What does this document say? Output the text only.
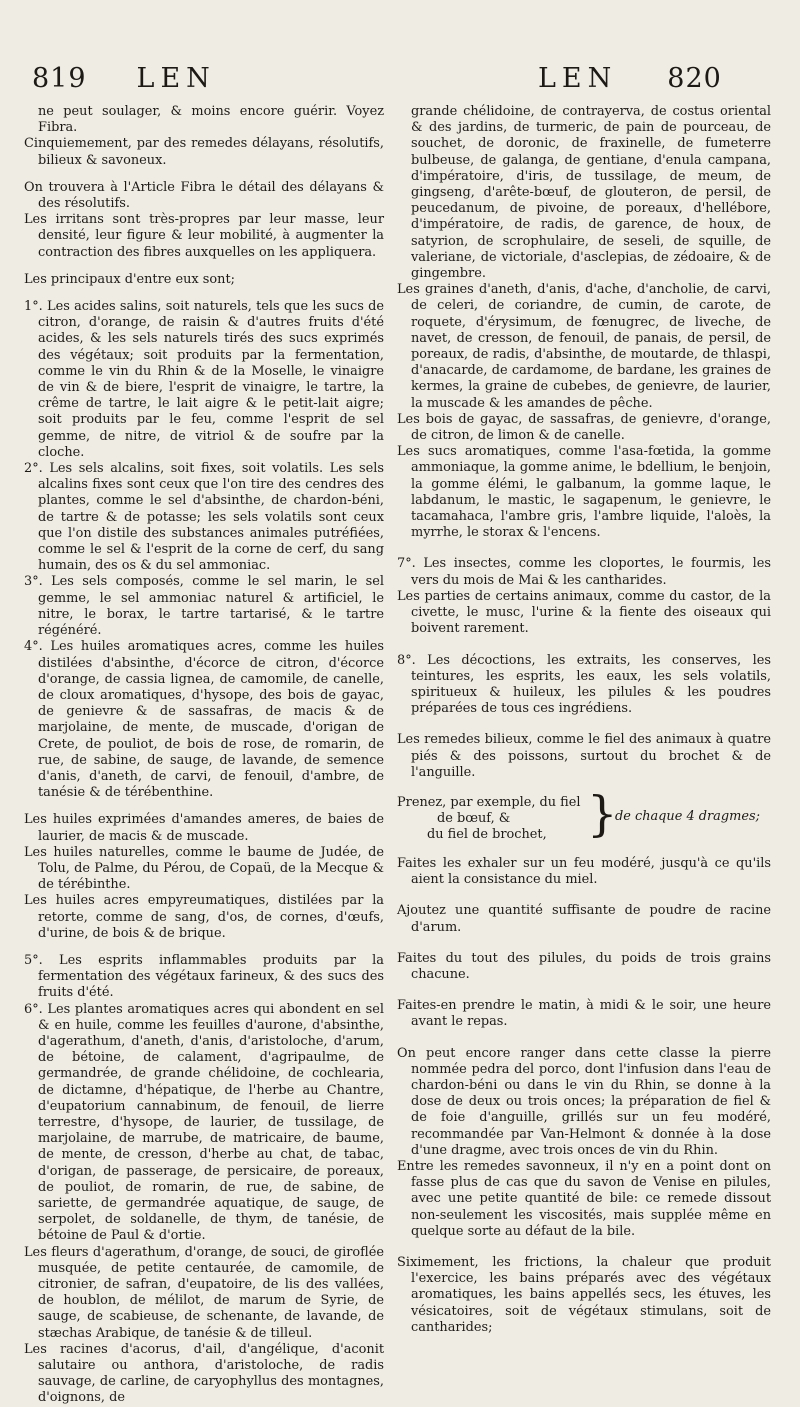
819 LEN	LEN 820

ne peut soulager, & moins encore guérir. Voyez Fibra.

Cinquiemement, par des remedes délayans, résolutifs, bilieux & savoneux.

On trouvera à l'Article Fibra le détail des délayans & des résolutifs.

Les irritans sont très-propres par leur masse, leur densité, leur figure & leur mobilité, à augmenter la contraction des fibres auxquelles on les appliquera.

Les principaux d'entre eux sont;

1°. Les acides salins, soit naturels, tels que les sucs de citron, d'orange, de raisin & d'autres fruits d'été acides, & les sels naturels tirés des sucs exprimés des végétaux; soit produits par la fermentation, comme le vin du Rhin & de la Moselle, le vinaigre de vin & de biere, l'esprit de vinaigre, le tartre, la crême de tartre, le lait aigre & le petit-lait aigre; soit produits par le feu, comme l'esprit de sel gemme, de nitre, de vitriol & de soufre par la cloche.

2°. Les sels alcalins, soit fixes, soit volatils. Les sels alcalins fixes sont ceux que l'on tire des cendres des plantes, comme le sel d'absinthe, de chardon-béni, de tartre & de potasse; les sels volatils sont ceux que l'on distile des substances animales putréfiées, comme le sel & l'esprit de la corne de cerf, du sang humain, des os & du sel ammoniac.

3°. Les sels composés, comme le sel marin, le sel gemme, le sel ammoniac naturel & artificiel, le nitre, le borax, le tartre tartarisé, & le tartre régénéré.

4°. Les huiles aromatiques acres, comme les huiles distilées d'absinthe, d'écorce de citron, d'écorce d'orange, de cassia lignea, de camomile, de canelle, de cloux aromatiques, d'hysope, des bois de gayac, de genievre & de sassafras, de macis & de marjolaine, de mente, de muscade, d'origan de Crete, de pouliot, de bois de rose, de romarin, de rue, de sabine, de sauge, de lavande, de semence d'anis, d'aneth, de carvi, de fenouil, d'ambre, de tanésie & de térébenthine.

Les huiles exprimées d'amandes ameres, de baies de laurier, de macis & de muscade.

Les huiles naturelles, comme le baume de Judée, de Tolu, de Palme, du Pérou, de Copaü, de la Mecque & de térébinthe.

Les huiles acres empyreumatiques, distilées par la retorte, comme de sang, d'os, de cornes, d'œufs, d'urine, de bois & de brique.

5°. Les esprits inflammables produits par la fermentation des végétaux farineux, & des sucs des fruits d'été.

6°. Les plantes aromatiques acres qui abondent en sel & en huile, comme les feuilles d'aurone, d'absinthe, d'agerathum, d'aneth, d'anis, d'aristoloche, d'arum, de bétoine, de calament, d'agripaulme, de germandrée, de grande chélidoine, de cochlearia, de dictamne, d'hépatique, de l'herbe au Chantre, d'eupatorium cannabinum, de fenouil, de lierre terrestre, d'hysope, de laurier, de tussilage, de marjolaine, de marrube, de matricaire, de baume, de mente, de cresson, d'herbe au chat, de tabac, d'origan, de passerage, de persicaire, de poreaux, de pouliot, de romarin, de rue, de sabine, de sariette, de germandrée aquatique, de sauge, de serpolet, de soldanelle, de thym, de tanésie, de bétoine de Paul & d'ortie.

Les fleurs d'agerathum, d'orange, de souci, de giroflée musquée, de petite centaurée, de camomile, de citronier, de safran, d'eupatoire, de lis des vallées, de houblon, de mélilot, de marum de Syrie, de sauge, de scabieuse, de schenante, de lavande, de stæchas Arabique, de tanésie & de tilleul.

Les racines d'acorus, d'ail, d'angélique, d'aconit salutaire ou anthora, d'aristoloche, de radis sauvage, de carline, de caryophyllus des montagnes, d'oignons, de

grande chélidoine, de contrayerva, de costus oriental & des jardins, de turmeric, de pain de pourceau, de souchet, de doronic, de fraxinelle, de fumeterre bulbeuse, de galanga, de gentiane, d'enula campana, d'impératoire, d'iris, de tussilage, de meum, de gingseng, d'arête-bœuf, de glouteron, de persil, de peucedanum, de pivoine, de poreaux, d'hellébore, d'impératoire, de radis, de garence, de houx, de satyrion, de scrophulaire, de seseli, de squille, de valeriane, de victoriale, d'asclepias, de zédoaire, & de gingembre.

Les graines d'aneth, d'anis, d'ache, d'ancholie, de carvi, de celeri, de coriandre, de cumin, de carote, de roquete, d'érysimum, de fœnugrec, de liveche, de navet, de cresson, de fenouil, de panais, de persil, de poreaux, de radis, d'absinthe, de moutarde, de thlaspi, d'anacarde, de cardamome, de bardane, les graines de kermes, la graine de cubebes, de genievre, de laurier, la muscade & les amandes de pêche.

Les bois de gayac, de sassafras, de genievre, d'orange, de citron, de limon & de canelle.

Les sucs aromatiques, comme l'asa-fœtida, la gomme ammoniaque, la gomme anime, le bdellium, le benjoin, la gomme élémi, le galbanum, la gomme laque, le labdanum, le mastic, le sagapenum, le genievre, le tacamahaca, l'ambre gris, l'ambre liquide, l'aloès, la myrrhe, le storax & l'encens.

7°. Les insectes, comme les cloportes, le fourmis, les vers du mois de Mai & les cantharides.

Les parties de certains animaux, comme du castor, de la civette, le musc, l'urine & la fiente des oiseaux qui boivent rarement.

8°. Les décoctions, les extraits, les conserves, les teintures, les esprits, les eaux, les sels volatils, spiritueux & huileux, les pilules & les poudres préparées de tous ces ingrédiens.

Les remedes bilieux, comme le fiel des animaux à quatre piés & des poissons, surtout du brochet & de l'anguille.

Prenez, par exemple, du fiel
de bœuf, &
du fiel de brochet, }
de chaque 4 dragmes;

Faites les exhaler sur un feu modéré, jusqu'à ce qu'ils aient la consistance du miel.

Ajoutez une quantité suffisante de poudre de racine d'arum.

Faites du tout des pilules, du poids de trois grains chacune.

Faites-en prendre le matin, à midi & le soir, une heure avant le repas.

On peut encore ranger dans cette classe la pierre nommée pedra del porco, dont l'infusion dans l'eau de chardon-béni ou dans le vin du Rhin, se donne à la dose de deux ou trois onces; la préparation de fiel & de foie d'anguille, grillés sur un feu modéré, recommandée par Van-Helmont & donnée à la dose d'une dragme, avec trois onces de vin du Rhin.

Entre les remedes savonneux, il n'y en a point dont on fasse plus de cas que du savon de Venise en pilules, avec une petite quantité de bile: ce remede dissout non-seulement les viscosités, mais supplée même en quelque sorte au défaut de la bile.

Siximement, les frictions, la chaleur que produit l'exercice, les bains préparés avec des végétaux aromatiques, les bains appellés secs, les étuves, les vésicatoires, soit de végétaux stimulans, soit de cantharides;
